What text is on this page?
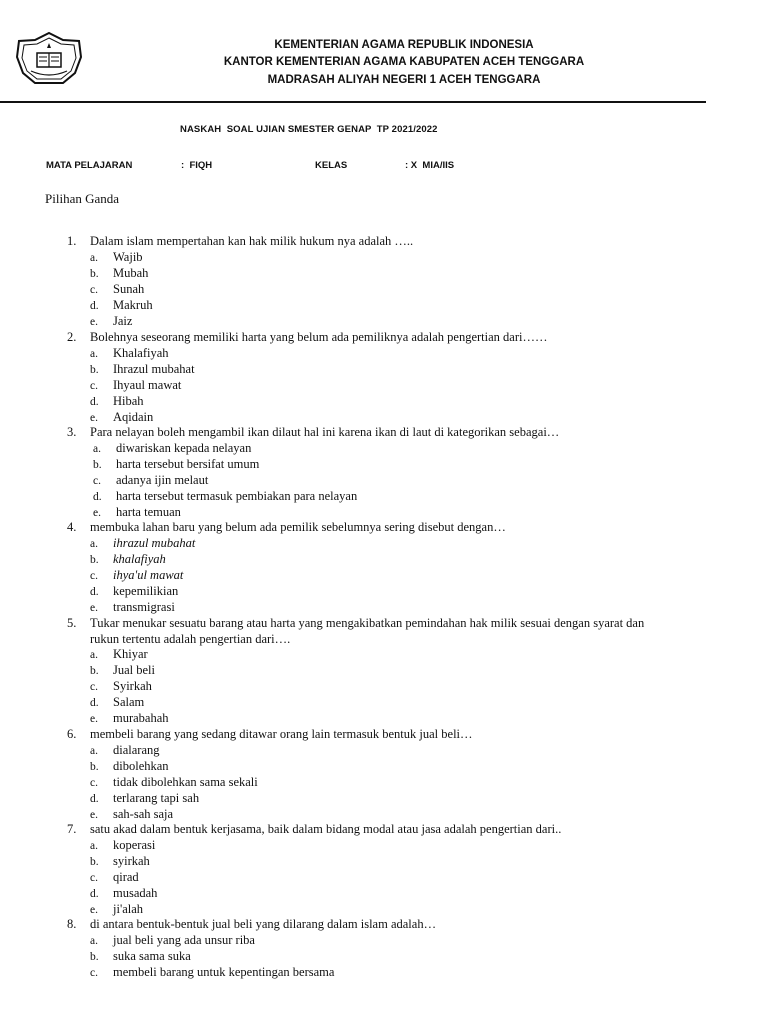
KEMENTERIAN AGAMA REPUBLIK INDONESIA
KANTOR KEMENTERIAN AGAMA KABUPATEN ACEH TENGGARA
MADRASAH ALIYAH NEGERI 1 ACEH TENGGARA
NASKAH  SOAL UJIAN SMESTER GENAP  TP 2021/2022
MATA PELAJARAN	:  FIQH	KELAS	: X  MIA/IIS
Pilihan Ganda
1. Dalam islam mempertahan kan hak milik hukum nya adalah …..
a. Wajib
b. Mubah
c. Sunah
d. Makruh
e. Jaiz
2. Bolehnya seseorang memiliki harta yang belum ada pemiliknya adalah pengertian dari……
a. Khalafiyah
b. Ihrazul mubahat
c. Ihyaul mawat
d. Hibah
e. Aqidain
3. Para nelayan boleh mengambil ikan dilaut hal ini karena ikan di laut di kategorikan sebagai…
a. diwariskan kepada nelayan
b. harta tersebut bersifat umum
c. adanya ijin melaut
d. harta tersebut termasuk pembiakan para nelayan
e. harta temuan
4. membuka lahan baru yang belum ada pemilik sebelumnya sering disebut dengan…
a. ihrazul mubahat
b. khalafiyah
c. ihya'ul mawat
d. kepemilikian
e. transmigrasi
5. Tukar menukar sesuatu barang atau harta yang mengakibatkan pemindahan hak milik sesuai dengan syarat dan
rukun tertentu adalah pengertian dari….
a. Khiyar
b. Jual beli
c. Syirkah
d. Salam
e. murabahah
6. membeli barang yang sedang ditawar orang lain termasuk bentuk jual beli…
a. dialarang
b. dibolehkan
c. tidak dibolehkan sama sekali
d. terlarang tapi sah
e. sah-sah saja
7. satu akad dalam bentuk kerjasama, baik dalam bidang modal atau jasa adalah pengertian dari..
a. koperasi
b. syirkah
c. qirad
d. musadah
e. ji'alah
8. di antara bentuk-bentuk jual beli yang dilarang dalam islam adalah…
a. jual beli yang ada unsur riba
b. suka sama suka
c. membeli barang untuk kepentingan bersama
